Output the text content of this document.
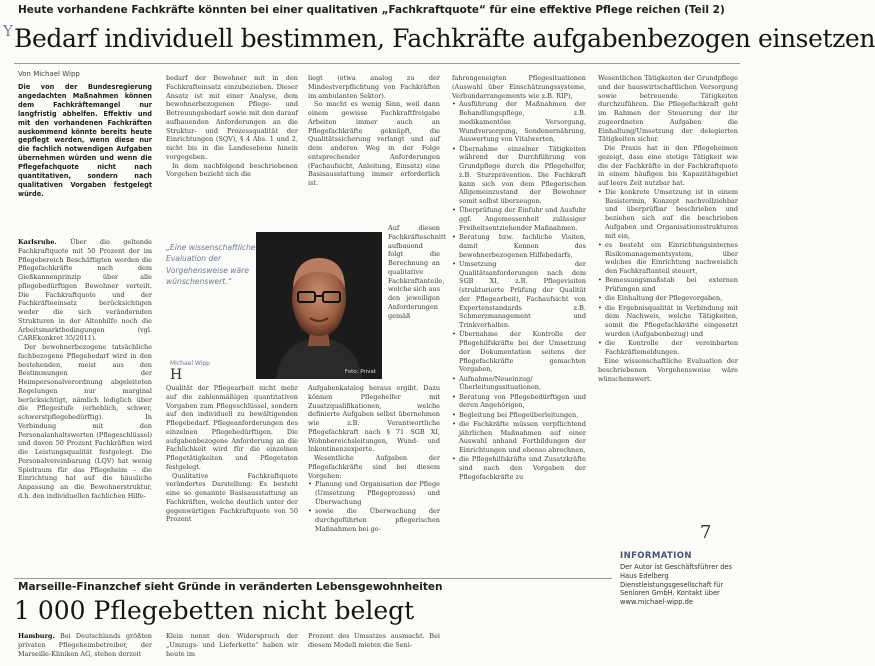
Y
Heute vorhandene Fachkräfte könnten bei einer qualitativen „Fachkraftquote“ für eine effektive Pflege reichen (Teil 2)
Bedarf individuell bestimmen, Fachkräfte aufgabenbezogen einsetzen
Von Michael Wipp

Die von der Bundesregierung angedachten Maßnahmen können dem Fachkräftemangel nur langfristig abhelfen. Effektiv und mit den vorhandenen Fachkräften auskommend könnte bereits heute gepflegt werden, wenn diese nur die fachlich notwendigen Aufgaben übernehmen würden und wenn die Pflegefachquote nicht nach quantitativen, sondern nach qualitativen Vorgaben festgelegt würde.

Karlsruhe. Über die geltende Fachkraftquote mit 50 Prozent der im Pflegebereich Beschäftigten werden die Pflegefachkräfte nach dem Gießkannenprinzip über alle pflegebedürftigen Bewohner verteilt. Die Fachkraftquote und der Fachkräfteeinsatz berücksichtigen weder die sich verändernden Strukturen in der Altenhilfe noch die Arbeitsmarktbedingungen (vgl. CAREkonkret 35/2011).

Der bewohnerbezogene tatsächliche fachbezogene Pflegebedarf wird in den bestehenden, meist aus den Bestimmungen der Heimpersonalverordnung abgeleiteten Regelungen nur marginal berücksichtigt, nämlich lediglich über die Pflegestufe (erheblich, schwer, schwerstpflegebedürftig). In Verbindung mit den Personalanhaltswerten (Pflegeschlüssel) und davon 50 Prozent Fachkräften wird die Leistungsqualität festgelegt. Die Personalvereinbarung (LQV) hat wenig Spielraum für das Pflegeheim – die Einrichtung hat auf die häusliche Anpassung an die Bewohnerstruktur, d.h. den individuellen fachlichen Hilfe-

bedarf der Bewohner mit in den Fachkrafteinsatz einzubeziehen. Dieser Ansatz ist mit einer Analyse, dem bewohnerbezogenen Pflege- und Betreuungsbedarf sowie mit den darauf aufbauenden Anforderungen an die Struktur- und Prozessqualität der Einrichtungen (SQV), § 4 Abs. 1 und 2, nicht bis in die Landesebene hinein vorgegeben.

In dem nachfolgend beschriebenen Vorgehen bezieht sich die

„Eine wissenschaftliche Evaluation der Vorgehensweise wäre wünschenswert.“
Michael Wipp
H	Foto: Privat

Qualität der Pflegearbeit nicht mehr auf die zahlenmäßigen quantitativen Vorgaben zum Pflegeschlüssel, sondern auf den individuell zu bewältigenden Pflegebedarf. Pflegeanforderungen des einzelnen Pflegebedürftigen. Die aufgabenbezogene Anforderung an die Fachlichkeit wird für die einzelnen Pflegetätigkeiten und Pflegetaten festgelegt.

Qualitative Fachkraftquote verändertes Darstellung: Es besteht eine so genannte Basisausstattung an Fachkräften, welche deutlich unter der gegenwärtigen Fachkraftquote von 50 Prozent

liegt (etwa analog zu der Mindestverpflichtung von Fachkräften im ambulanten Sektor).

So macht es wenig Sinn, weil dann einem gewisse Fachkraftfreigabe Arbeiten immer auch an Pflegefachkräfte geknüpft, die Qualitätssicherung verlangt und auf dem anderen Weg in der Folge entsprechender Anforderungen (Fachaufsicht, Anleitung, Einsatz) eine Basisausstattung immer erforderlich ist.

Auf diesen Fachkräfteschnitt aufbauend folgt die Berechnung an qualitative Fachkraftanteile, welche sich aus den jeweiligen Anforderungen gemäß

Aufgabenkatalog heraus ergibt. Dazu können Pflegehelfer mit Zusatzqualifikationen, welche definierte Aufgaben selbst übernehmen wie z.B. Verantwortliche Pflegefachkraft nach § 71 SGB XI, Wohnbereichsleitungen, Wund- und Inkontinenzexperte.

Wesentliche Aufgaben der Pflegefachkräfte sind bei diesem Vorgehen:

• Planung und Organisation der Pflege (Umsetzung Pflegeprozess) und Überwachung
• sowie die Überwachung der durchgeführten pflegerischen Maßnahmen bei ge-

fahrengeneigten Pflegesituationen (Auswahl über Einschätzungssysteme, Verbundarrangements wie z.B. RIP),

• Ausführung der Maßnahmen der Behandlungspflege, z.B. medikamentöse Versorgung, Wundversorgung, Sondenernährung, Auswertung von Vitalwerten,
• Übernahme einzelner Tätigkeiten während der Durchführung von Grundpflege durch die Pflegehelfer, z.B. Sturzprävention. Die Fachkraft kann sich von dem Pflegerischen Allgemeinzustand der Bewohner somit selbst überzeugen.
• Überprüfung der Einfuhr und Ausfuhr ggf. Angemessenheit zulässiger Freiheitsentziehender Maßnahmen.
• Beratung bzw. fachliche Visiten, damit Kennen des bewohnerbezogenen Hilfebedarfs,
• Umsetzung der Qualitätsanforderungen nach dem SGB XI, z.B. Pflegevisiten (strukturierte Prüfung der Qualität der Pflegearbeit), Fachaufsicht von Expertenstandards z.B. Schmerzmanagement und Trinkverhalten.
• Übernahme der Kontrolle der Pflegehilfskräfte bei der Umsetzung der Dokumentation seitens der Pflegefachkräfte gemachten Vorgaben,
• Aufnahme/Neueinzug/Überleitungssituationen,
• Beratung von Pflegebedürftigen und deren Angehörigen,
• Begleitung bei Pflegeüberleitungen,
• die Fachkräfte müssen verpflichtend jährlichen Maßnahmen auf einer Auswahl anhand Fortbildungen der Einrichtungen und ebenso abrechnen,
• die Pflegehilfskräfte und Zusatzkräfte sind nach den Vorgaben der Pflegefachkräfte zu

Wesentlichen Tätigkeiten der Grundpflege und der hauswirtschaftlichen Versorgung sowie betreuende Tätigkeiten durchzuführen. Die Pflegefachkraft geht im Rahmen der Steuerung der ihr zugeordneten Aufgaben die Einhaltung/Umsetzung der delegierten Tätigkeiten sicher.

Die Praxis hat in den Pflegeheimen gezeigt, dass eine stetige Tätigkeit wie die der Fachkräfte in der Fachkraftquote in einem häufigen bis Kapazitätsgebiet auf leere Zeit nutzbar hat.

• Die konkrete Umsetzung ist in einem Basistermin, Konzept nachvollziehbar und überprüfbar beschrieben und beziehen sich auf die beschrieben Aufgaben und Organisationsstrukturen mit ein,
• es besteht ein Einrichtungsinternes Risikomanagementsystem, über welches die Einrichtung nachweislich den Fachkraftanteil steuert,
• Bemessungsmaßstab bei externen Prüfungen sind
• die Einhaltung der Pflegevorgaben,
• die Ergebnisqualität in Verbindung mit dem Nachweis, welche Tätigkeiten, somit die Pflegefachkräfte eingesetzt wurden (Aufgabenbezug) und
• die Kontrolle der vereinbarten Fachkräftemeldungen.

Eine wissenschaftliche Evaluation der beschriebenen Vorgehensweise wäre wünschenswert.

7
INFORMATION
Der Autor ist Geschäftsführer des Haus Edelberg Dienstleistungsgesellschaft für Senioren GmbH. Kontakt über www.michael-wipp.de
Marseille-Finanzchef sieht Gründe in veränderten Lebensgewohnheiten
1 000 Pflegebetten nicht belegt
Hamburg. Bei Deutschlands größten privaten Pflegeheimbetreiber, der Marseille-Kliniken AG, stehen derzeit
Klein nennt den Widerspruch der „Umzugs- und Lieferkette“ haben wir heute im
Prozent des Umsatzes ausmacht. Bei diesem Modell mieten die Seni-
